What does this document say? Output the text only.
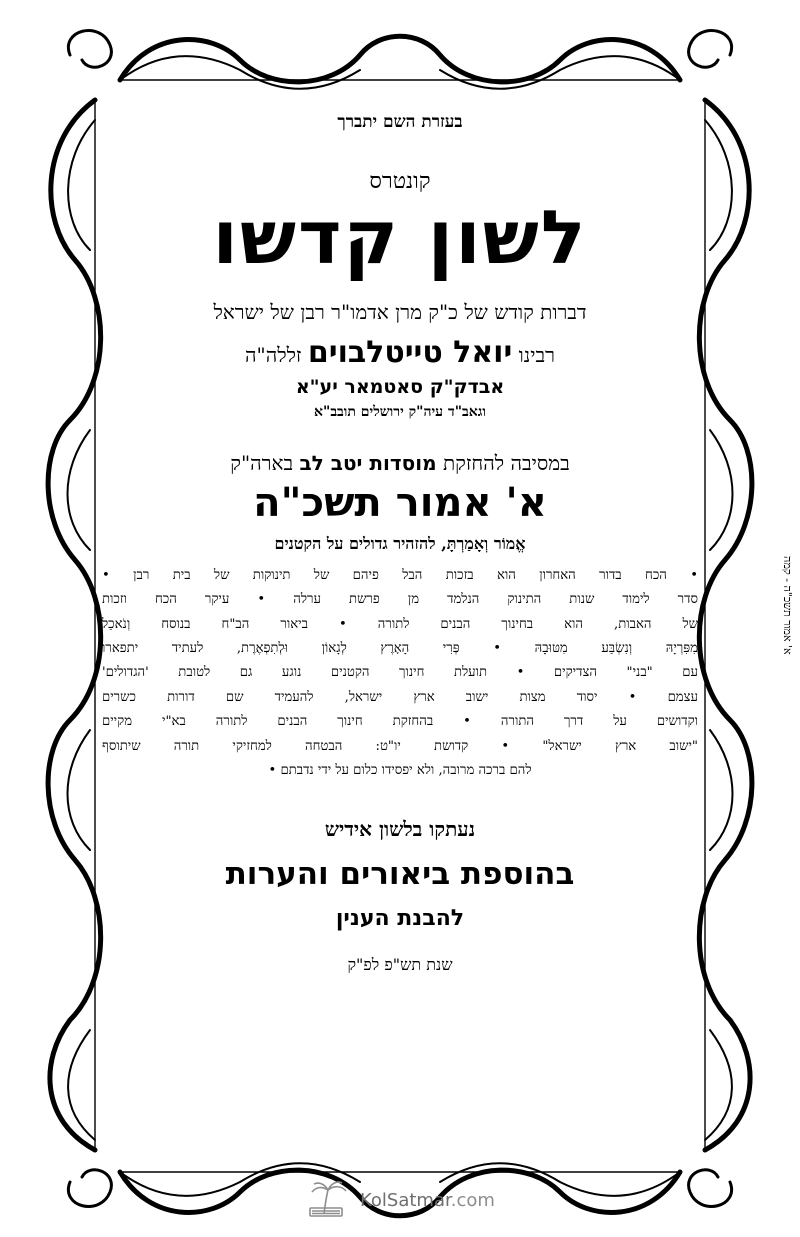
בעזרת השם יתברך
קונטרס
לשון קדשו
דברות קודש של כ"ק מרן אדמו"ר רבן של ישראל
רבינו יואל טייטלבוים זללה"ה
אבדק"ק סאטמאר יע"א
וגאב"ד עיה"ק ירושלים תובב"א
במסיבה להחזקת מוסדות יטב לב בארה"ק
א' אמור תשכ"ה
אֱמוֹר וְאָמַרְתָּ, להזהיר גדולים על הקטנים
• הכח בדור האחרון הוא בזכות הבל פיהם של תינוקות של בית רבן •
סדר לימוד שנות התינוק הנלמד מן פרשת ערלה • עיקר הכח וזכות
של האבות, הוא בחינוך הבנים לתורה • ביאור הב"ח בנוסח וְנֹאכַל
מִפִּרְיָהּ וְנִשְׂבַּע מִטּוּבָהּ • פְּרִי הָאָרֶץ לְגָאוֹן וּלְתִפְאֶרֶת, לעתיד יתפארו
עם "בני" הצדיקים • תועלת חינוך הקטנים נוגע גם לטובת 'הגדולים'
עצמם • יסוד מצות ישוב ארץ ישראל, להעמיד שם דורות כשרים
וקדושים על דרך התורה • בהחזקת חינוך הבנים לתורה בא"י מקיים
"ישוב ארץ ישראל" • קדושת יו"ט: הבטחה למחזיקי תורה שיתוסף
להם ברכה מרובה, ולא יפסידו כלום על ידי נדבתם •
נעתקו בלשון אידיש
בהוספת ביאורים והערות
להבנת הענין
שנת תש"פ לפ"ק
א' אמור תשכ"ה - קמה
KolSatmar.com
